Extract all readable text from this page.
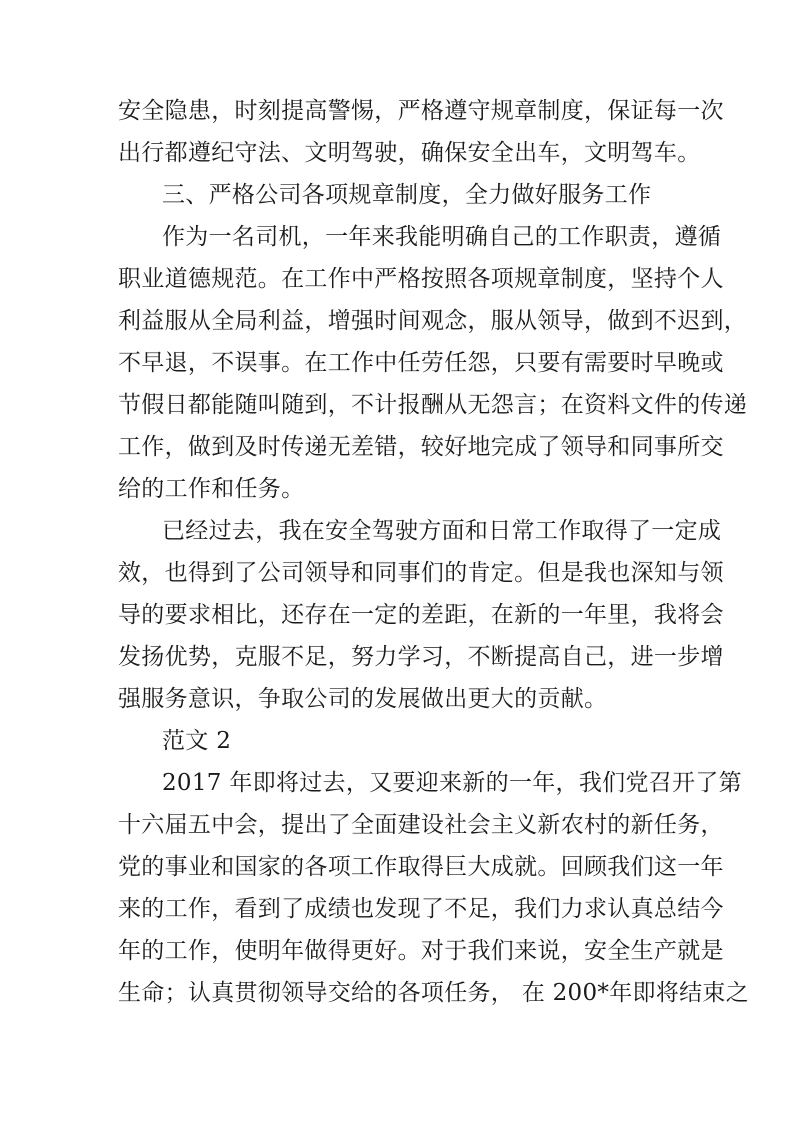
安全隐患，时刻提高警惕，严格遵守规章制度，保证每一次
出行都遵纪守法、文明驾驶，确保安全出车，文明驾车。
三、严格公司各项规章制度，全力做好服务工作
作为一名司机，一年来我能明确自己的工作职责，遵循
职业道德规范。在工作中严格按照各项规章制度，坚持个人
利益服从全局利益，增强时间观念，服从领导，做到不迟到，
不早退，不误事。在工作中任劳任怨，只要有需要时早晚或
节假日都能随叫随到，不计报酬从无怨言；在资料文件的传递
工作，做到及时传递无差错，较好地完成了领导和同事所交
给的工作和任务。
已经过去，我在安全驾驶方面和日常工作取得了一定成
效，也得到了公司领导和同事们的肯定。但是我也深知与领
导的要求相比，还存在一定的差距，在新的一年里，我将会
发扬优势，克服不足，努力学习，不断提高自己，进一步增
强服务意识，争取公司的发展做出更大的贡献。
范文 2
2017 年即将过去，又要迎来新的一年，我们党召开了第
十六届五中会，提出了全面建设社会主义新农村的新任务，
党的事业和国家的各项工作取得巨大成就。回顾我们这一年
来的工作，看到了成绩也发现了不足，我们力求认真总结今
年的工作，使明年做得更好。对于我们来说，安全生产就是
生命；认真贯彻领导交给的各项任务， 在 200*年即将结束之
